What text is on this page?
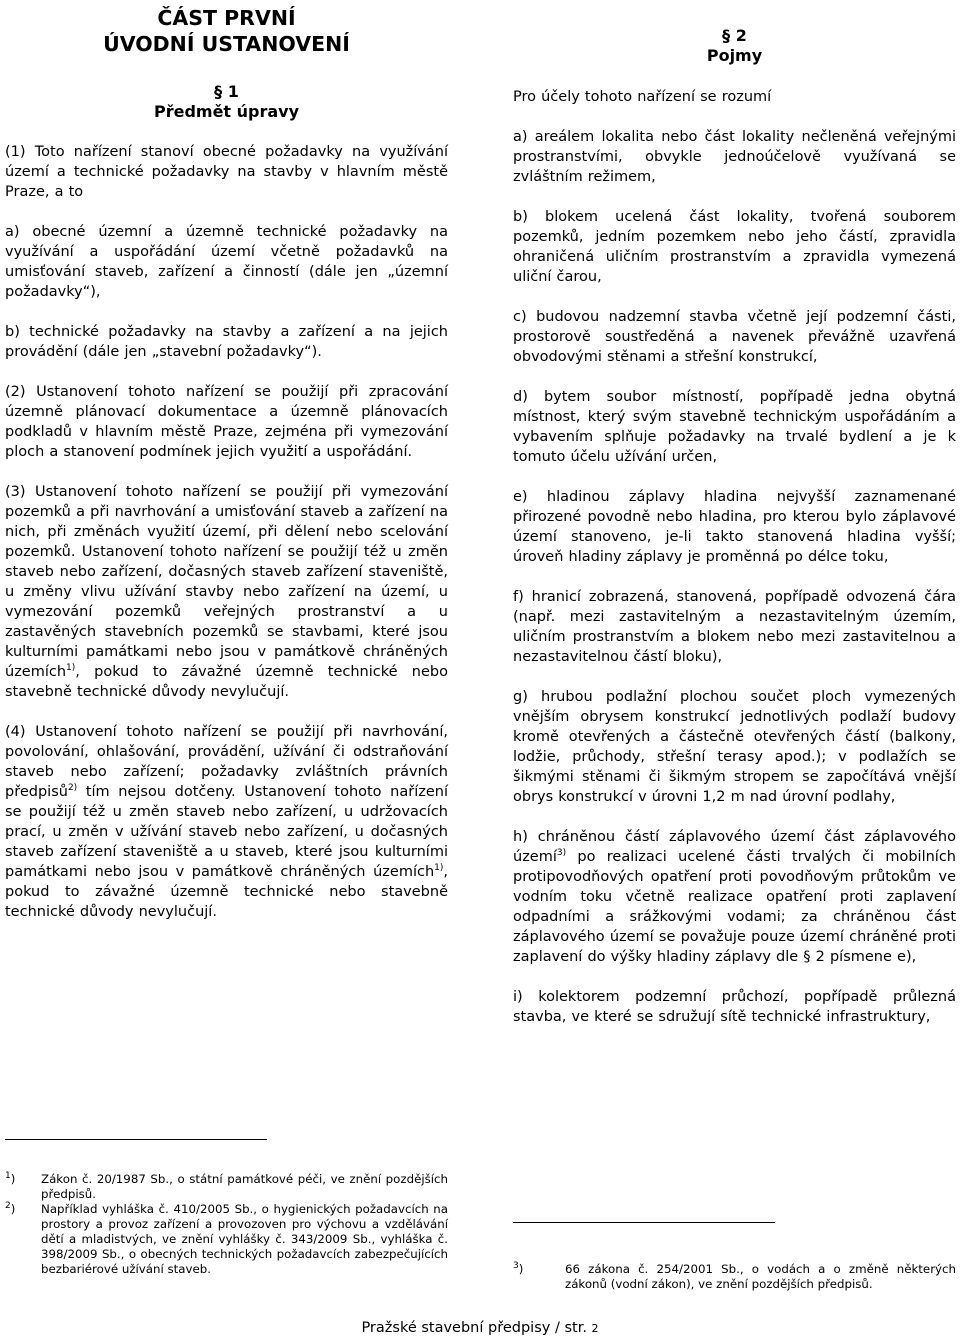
ČÁST PRVNÍ
ÚVODNÍ USTANOVENÍ
§ 1
Předmět úpravy

(1) Toto nařízení stanoví obecné požadavky na využívání území a technické požadavky na stavby v hlavním městě Praze, a to

a) obecné územní a územně technické požadavky na využívání a uspořádání území včetně požadavků na umisťování staveb, zařízení a činností (dále jen „územní požadavky“),

b) technické požadavky na stavby a zařízení a na jejich provádění (dále jen „stavební požadavky“).

(2) Ustanovení tohoto nařízení se použijí při zpracování územně plánovací dokumentace a územně plánovacích podkladů v hlavním městě Praze, zejména při vymezování ploch a stanovení podmínek jejich využití a uspořádání.

(3) Ustanovení tohoto nařízení se použijí při vymezování pozemků a při navrhování a umisťování staveb a zařízení na nich, při změnách využití území, při dělení nebo scelování pozemků. Ustanovení tohoto nařízení se použijí též u změn staveb nebo zařízení, dočasných staveb zařízení staveniště, u změny vlivu užívání stavby nebo zařízení na území, u vymezování pozemků veřejných prostranství a u zastavěných stavebních pozemků se stavbami, které jsou kulturními památkami nebo jsou v památkově chráněných územích$^{1)}$, pokud to závažné územně technické nebo stavebně technické důvody nevylučují.

(4) Ustanovení tohoto nařízení se použijí při navrhování, povolování, ohlašování, provádění, užívání či odstraňování staveb nebo zařízení; požadavky zvláštních právních předpisů$^{2)}$ tím nejsou dotčeny. Ustanovení tohoto nařízení se použijí též u změn staveb nebo zařízení, u udržovacích prací, u změn v užívání staveb nebo zařízení, u dočasných staveb zařízení staveniště a u staveb, které jsou kulturními památkami nebo jsou v památkově chráněných územích$^{1)}$, pokud to závažné územně technické nebo stavebně technické důvody nevylučují.

$^1$)	Zákon č. 20/1987 Sb., o státní památkové péči, ve znění pozdějších předpisů.
$^2$)	Například vyhláška č. 410/2005 Sb., o hygienických požadavcích na prostory a provoz zařízení a provozoven pro výchovu a vzdělávání dětí a mladistvých, ve znění vyhlášky č. 343/2009 Sb., vyhláška č. 398/2009 Sb., o obecných technických požadavcích zabezpečujících bezbariérové užívání staveb.
§ 2
Pojmy

Pro účely tohoto nařízení se rozumí

a) areálem lokalita nebo část lokality nečleněná veřejnými prostranstvími, obvykle jednoúčelově využívaná se zvláštním režimem,

b) blokem ucelená část lokality, tvořená souborem pozemků, jedním pozemkem nebo jeho částí, zpravidla ohraničená uličním prostranstvím a zpravidla vymezená uliční čarou,

c) budovou nadzemní stavba včetně její podzemní části, prostorově soustředěná a navenek převážně uzavřená obvodovými stěnami a střešní konstrukcí,

d) bytem soubor místností, popřípadě jedna obytná místnost, který svým stavebně technickým uspořádáním a vybavením splňuje požadavky na trvalé bydlení a je k tomuto účelu užívání určen,

e) hladinou záplavy hladina nejvyšší zaznamenané přirozené povodně nebo hladina, pro kterou bylo záplavové území stanoveno, je-li takto stanovená hladina vyšší; úroveň hladiny záplavy je proměnná po délce toku,

f) hranicí zobrazená, stanovená, popřípadě odvozená čára (např. mezi zastavitelným a nezastavitelným územím, uličním prostranstvím a blokem nebo mezi zastavitelnou a nezastavitelnou částí bloku),

g) hrubou podlažní plochou součet ploch vymezených vnějším obrysem konstrukcí jednotlivých podlaží budovy kromě otevřených a částečně otevřených částí (balkony, lodžie, průchody, střešní terasy apod.); v podlažích se šikmými stěnami či šikmým stropem se započítává vnější obrys konstrukcí v úrovni 1,2 m nad úrovní podlahy,

h) chráněnou částí záplavového území část záplavového území$^{3)}$ po realizaci ucelené části trvalých či mobilních protipovodňových opatření proti povodňovým průtokům ve vodním toku včetně realizace opatření proti zaplavení odpadními a srážkovými vodami; za chráněnou část záplavového území se považuje pouze území chráněné proti zaplavení do výšky hladiny záplavy dle § 2 písmene e),

i) kolektorem podzemní průchozí, popřípadě průlezná stavba, ve které se sdružují sítě technické infrastruktury,

$^3$)	66 zákona č. 254/2001 Sb., o vodách a o změně některých zákonů (vodní zákon), ve znění pozdějších předpisů.
Pražské stavební předpisy / str. 2
